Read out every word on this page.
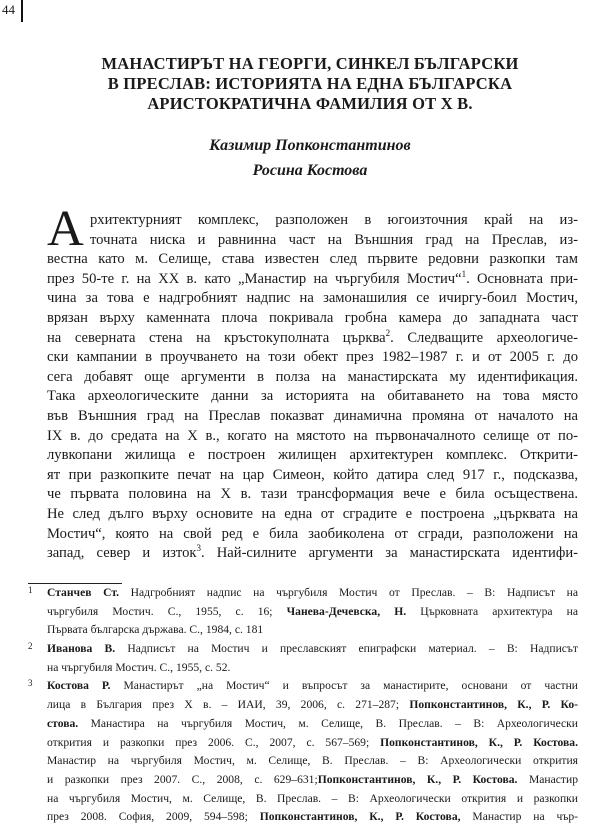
44
МАНАСТИРЪТ НА ГЕОРГИ, СИНКЕЛ БЪЛГАРСКИ
В ПРЕСЛАВ: ИСТОРИЯТА НА ЕДНА БЪЛГАРСКА
АРИСТОКРАТИЧНА ФАМИЛИЯ ОТ X В.
Казимир Попконстантинов
Росина Костова
А рхитектурният комплекс, разположен в югоизточния край на из-
точната ниска и равнинна част на Външния град на Преслав, из-
вестна като м. Селище, става известен след първите редовни разкопки там
през 50-те г. на XX в. като „Манастир на чъргубиля Мостич“$^1$. Основната при-
чина за това е надгробният надпис на замонашилия се ичиргу-боил Мостич,
врязан върху каменната плоча покривала гробна камера до западната част
на северната стена на кръстокуполната църква$^2$. Следващите археологиче-
ски кампании в проучването на този обект през 1982–1987 г. и от 2005 г. до
сега добавят още аргументи в полза на манастирската му идентификация.
Така археологическите данни за историята на обитаването на това място
във Външния град на Преслав показват динамична промяна от началото на
IX в. до средата на X в., когато на мястото на първоначалното селище от по-
лувкопани жилища е построен жилищен архитектурен комплекс. Открити-
ят при разкопките печат на цар Симеон, който датира след 917 г., подсказва,
че първата половина на X в. тази трансформация вече е била осъществена.
Не след дълго върху основите на една от сградите е построена „църквата на
Мостич“, която на свой ред е била заобиколена от сгради, разположени на
запад, север и изток$^3$. Най-силните аргументи за манастирската идентифи-
1 Станчев Ст. Надгробният надпис на чъргубиля Мостич от Преслав. – В: Надписът на
чъргубиля Мостич. С., 1955, с. 16; Чанева-Дечевска, Н. Църковната архитектура на
Първата българска държава. С., 1984, с. 181
2 Иванова В. Надписът на Мостич и преславският епиграфски материал. – В: Надписът
на чъргубиля Мостич. С., 1955, с. 52.
3 Костова Р. Манастирът „на Мостич“ и въпросът за манастирите, основани от частни
лица в България през X в. – ИАИ, 39, 2006, с. 271–287; Попконстантинов, К., Р. Ко-
стова. Манастира на чъргубиля Мостич, м. Селище, В. Преслав. – В: Археологически
открития и разкопки през 2006. С., 2007, с. 567–569; Попконстантинов, К., Р. Костова.
Манастир на чъргубиля Мостич, м. Селище, В. Преслав. – В: Археологически открития
и разкопки през 2007. С., 2008, с. 629–631;Попконстантинов, К., Р. Костова. Манастир
на чъргубиля Мостич, м. Селище, В. Преслав. – В: Археологически открития и разкопки
през 2008. София, 2009, 594–598; Попконстантинов, К., Р. Костова, Манастир на чър-
